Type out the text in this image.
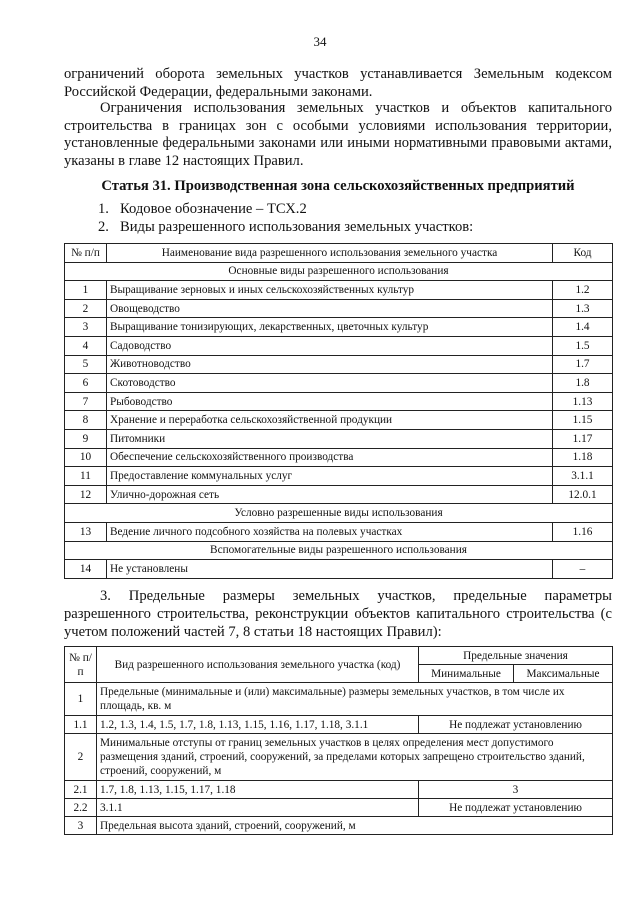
34
ограничений оборота земельных участков устанавливается Земельным кодексом Российской Федерации, федеральными законами.
Ограничения использования земельных участков и объектов капитального строительства в границах зон с особыми условиями использования территории, установленные федеральными законами или иными нормативными правовыми актами, указаны в главе 12 настоящих Правил.
Статья 31. Производственная зона сельскохозяйственных предприятий
1. Кодовое обозначение – ТСХ.2
2. Виды разрешенного использования земельных участков:
№ п/п	Наименование вида разрешенного использования земельного участка	Код
Основные виды разрешенного использования		
1	Выращивание зерновых и иных сельскохозяйственных культур	1.2
2	Овощеводство	1.3
3	Выращивание тонизирующих, лекарственных, цветочных культур	1.4
4	Садоводство	1.5
5	Животноводство	1.7
6	Скотоводство	1.8
7	Рыбоводство	1.13
8	Хранение и переработка сельскохозяйственной продукции	1.15
9	Питомники	1.17
10	Обеспечение сельскохозяйственного производства	1.18
11	Предоставление коммунальных услуг	3.1.1
12	Улично-дорожная сеть	12.0.1
Условно разрешенные виды использования		
13	Ведение личного подсобного хозяйства на полевых участках	1.16
Вспомогательные виды разрешенного использования		
14	Не установлены	–
3. Предельные размеры земельных участков, предельные параметры разрешенного строительства, реконструкции объектов капитального строительства (с учетом положений частей 7, 8 статьи 18 настоящих Правил):
№ п/п	Вид разрешенного использования земельного участка (код)	Предельные значения	
		Минимальные	Максимальные
1	Предельные (минимальные и (или) максимальные) размеры земельных участков, в том числе их площадь, кв. м		
1.1	1.2, 1.3, 1.4, 1.5, 1.7, 1.8, 1.13, 1.15, 1.16, 1.17, 1.18, 3.1.1	Не подлежат установлению	
2	Минимальные отступы от границ земельных участков в целях определения мест допустимого размещения зданий, строений, сооружений, за пределами которых запрещено строительство зданий, строений, сооружений, м		
2.1	1.7, 1.8, 1.13, 1.15, 1.17, 1.18	3	
2.2	3.1.1	Не подлежат установлению	
3	Предельная высота зданий, строений, сооружений, м		
